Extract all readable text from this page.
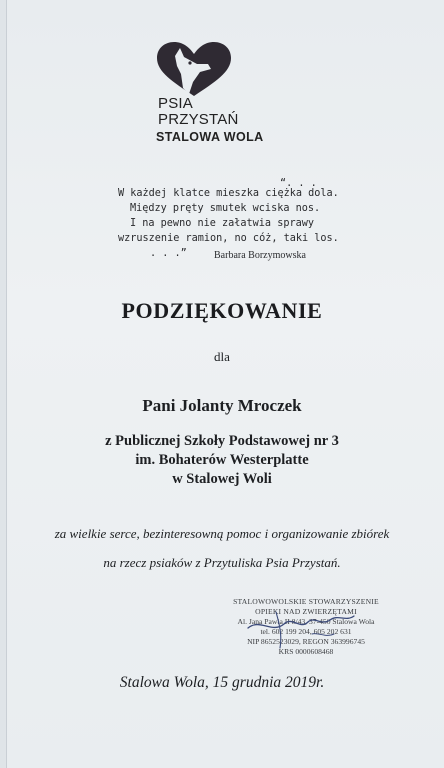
PSIA
PRZYSTAŃ
STALOWA WOLA
“. . .
W każdej klatce mieszka ciężka dola.
Między pręty smutek wciska nos.
I na pewno nie załatwia sprawy
wzruszenie ramion, no cóż, taki los.
. . .”	Barbara Borzymowska
PODZIĘKOWANIE
dla
Pani Jolanty Mroczek
z Publicznej Szkoły Podstawowej nr 3
im. Bohaterów Westerplatte
w Stalowej Woli
za wielkie serce, bezinteresowną pomoc i organizowanie zbiórek
na rzecz psiaków z Przytuliska Psia Przystań.
STALOWOWOLSKIE STOWARZYSZENIE
OPIEKI NAD ZWIERZĘTAMI
Al. Jana Pawła II 8/43, 37-450 Stalowa Wola
tel. 602 199 204, 605 202 631
NIP 8652523029, REGON 363996745
KRS 0000608468
Stalowa Wola, 15 grudnia 2019r.
